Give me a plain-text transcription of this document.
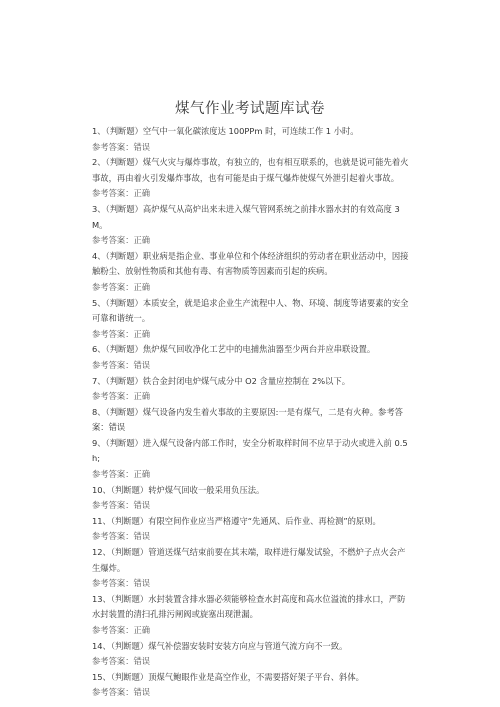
煤气作业考试题库试卷
1、（判断题）空气中一氧化碳浓度达 100PPm 时，可连续工作 1 小时。
参考答案：错误
2、（判断题）煤气火灾与爆炸事故，有独立的，也有相互联系的，也就是说可能先着火事故，再由着火引发爆炸事故，也有可能是由于煤气爆炸使煤气外泄引起着火事故。
参考答案：正确
3、（判断题）高炉煤气从高炉出来未进入煤气管网系统之前排水器水封的有效高度 3M。
参考答案：正确
4、（判断题）职业病是指企业、事业单位和个体经济组织的劳动者在职业活动中，因接触粉尘、放射性物质和其他有毒、有害物质等因素而引起的疾病。
参考答案：正确
5、（判断题）本质安全，就是追求企业生产流程中人、物、环境、制度等诸要素的安全可靠和谐统一。
参考答案：正确
6、（判断题）焦炉煤气回收净化工艺中的电捕焦油器至少两台并应串联设置。
参考答案：错误
7、（判断题）铁合金封闭电炉煤气成分中 O2 含量应控制在 2%以下。
参考答案：正确
8、（判断题）煤气设备内发生着火事故的主要原因:一是有煤气，二是有火种。参考答案：错误
9、（判断题）进入煤气设备内部工作时，安全分析取样时间不应早于动火或进入前 0.5h;
参考答案：正确
10、（判断题）转炉煤气回收一般采用负压法。
参考答案：错误
11、（判断题）有限空间作业应当严格遵守“先通风、后作业、再检测”的原则。
参考答案：错误
12、（判断题）管道送煤气结束前要在其末端，取样进行爆发试验，不燃炉子点火会产生爆炸。
参考答案：错误
13、（判断题）水封装置含排水器必须能够检查水封高度和高水位溢流的排水口，严防水封装置的清扫孔排污闸阀或旋塞出现泄漏。
参考答案：正确
14、（判断题）煤气补偿器安装时安装方向应与管道气流方向不一致。
参考答案：错误
15、（判断题）顶煤气鲍眼作业是高空作业，不需要搭好架子平台、斜体。
参考答案：错误
